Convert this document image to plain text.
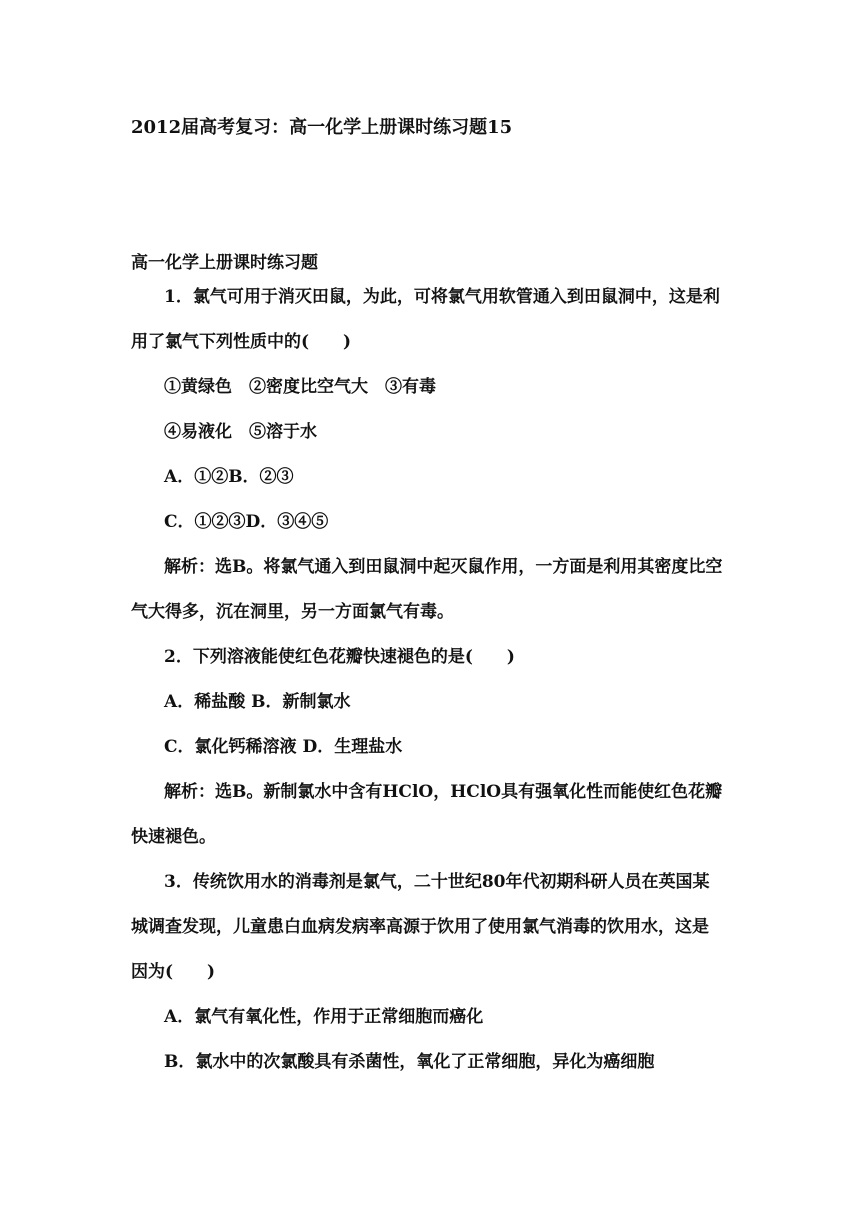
2012届高考复习：高一化学上册课时练习题15
高一化学上册课时练习题
1．氯气可用于消灭田鼠，为此，可将氯气用软管通入到田鼠洞中，这是利
用了氯气下列性质中的(　　)
①黄绿色　②密度比空气大　③有毒
④易液化　⑤溶于水
A．①②B．②③
C．①②③D．③④⑤
解析：选B。将氯气通入到田鼠洞中起灭鼠作用，一方面是利用其密度比空
气大得多，沉在洞里，另一方面氯气有毒。
2．下列溶液能使红色花瓣快速褪色的是(　　)
A．稀盐酸 B．新制氯水
C．氯化钙稀溶液 D．生理盐水
解析：选B。新制氯水中含有HClO，HClO具有强氧化性而能使红色花瓣
快速褪色。
3．传统饮用水的消毒剂是氯气，二十世纪80年代初期科研人员在英国某
城调查发现，儿童患白血病发病率高源于饮用了使用氯气消毒的饮用水，这是
因为(　　)
A．氯气有氧化性，作用于正常细胞而癌化
B．氯水中的次氯酸具有杀菌性，氧化了正常细胞，异化为癌细胞
